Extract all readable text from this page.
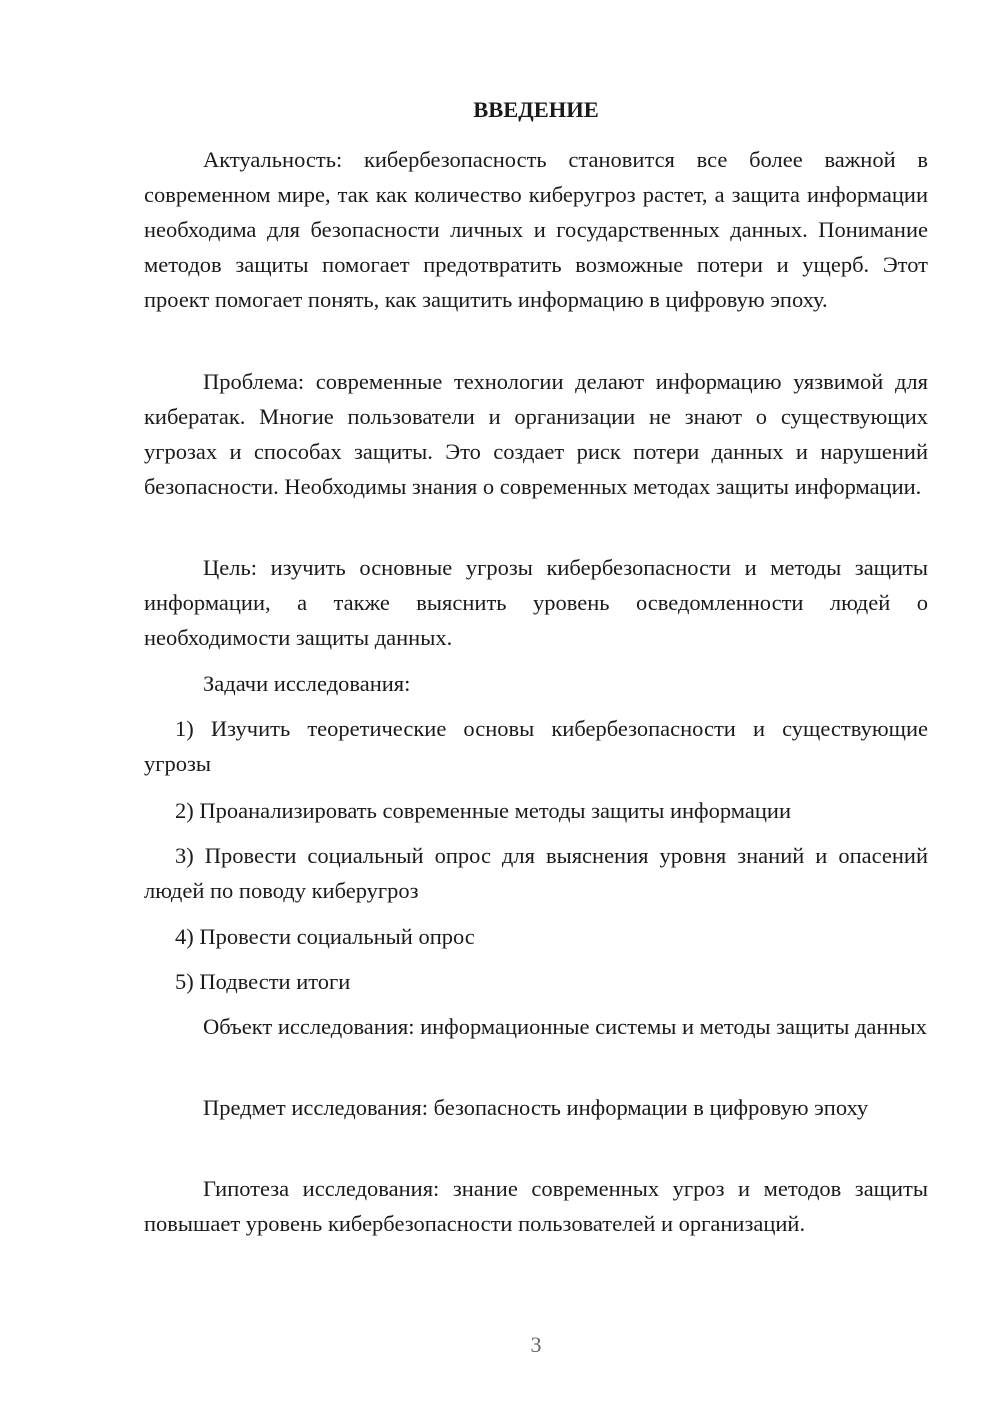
ВВЕДЕНИЕ

Актуальность: кибербезопасность становится все более важной в современном мире, так как количество киберугроз растет, а защита информации необходима для безопасности личных и государственных данных. Понимание методов защиты помогает предотвратить возможные потери и ущерб. Этот проект помогает понять, как защитить информацию в цифровую эпоху.

Проблема: современные технологии делают информацию уязвимой для кибератак. Многие пользователи и организации не знают о существующих угрозах и способах защиты. Это создает риск потери данных и нарушений безопасности. Необходимы знания о современных методах защиты информации.

Цель: изучить основные угрозы кибербезопасности и методы защиты информации, а также выяснить уровень осведомленности людей о необходимости защиты данных.

Задачи исследования:

1) Изучить теоретические основы кибербезопасности и существующие угрозы

2) Проанализировать современные методы защиты информации

3) Провести социальный опрос для выяснения уровня знаний и опасений людей по поводу киберугроз

4) Провести социальный опрос

5) Подвести итоги

Объект исследования: информационные системы и методы защиты данных

Предмет исследования: безопасность информации в цифровую эпоху

Гипотеза исследования: знание современных угроз и методов защиты повышает уровень кибербезопасности пользователей и организаций.

3
